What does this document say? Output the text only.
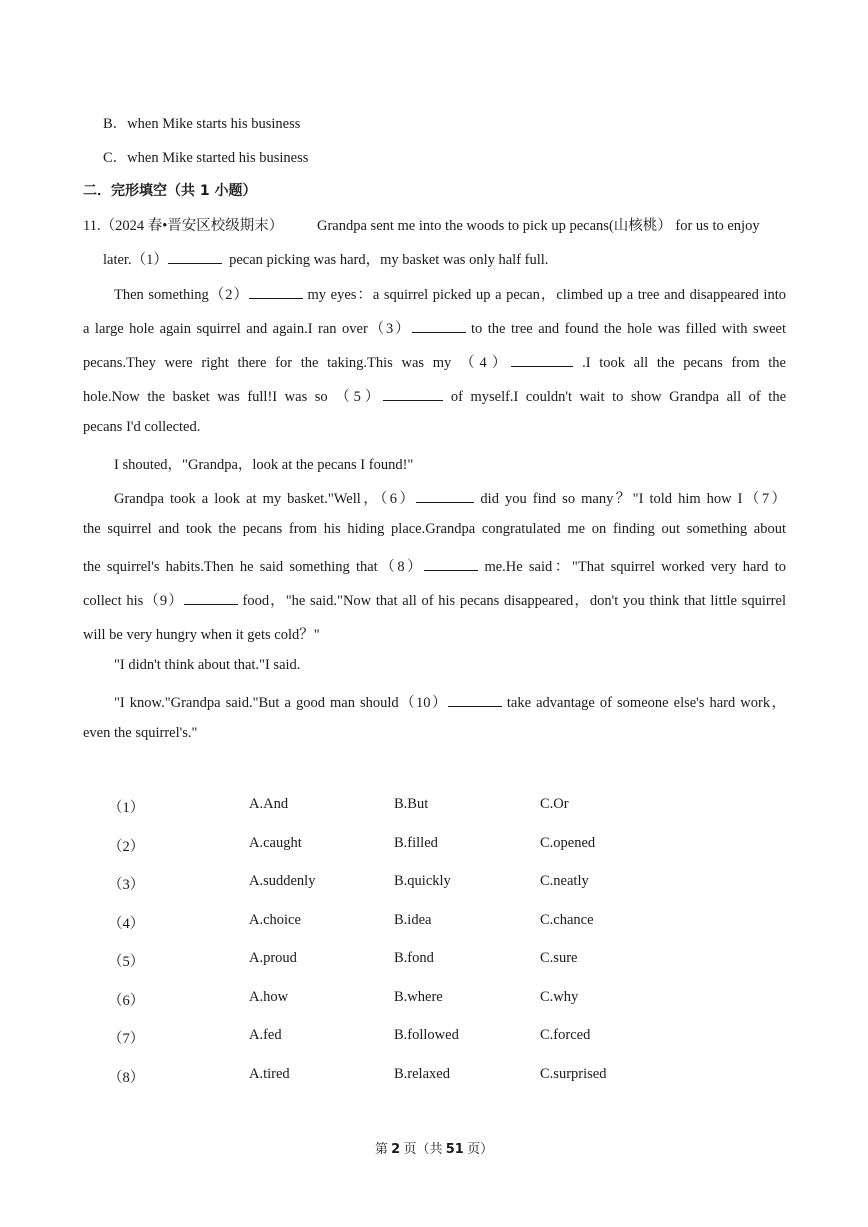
B．when Mike starts his business
C．when Mike started his business
二．完形填空（共 1 小题）
11.（2024 春•晋安区校级期末） Grandpa sent me into the woods to pick up pecans(山核桃） for us to enjoy
later.（1）	pecan picking was hard，my basket was only half full.
Then something（2）	my eyes：a squirrel picked up a pecan，climbed up a tree and disappeared into
a large hole again squirrel and again.I ran over（3）	to the tree and found the hole was filled with sweet
pecans.They were right there for the taking.This was my （4）	.I took all the pecans from the
hole.Now the basket was full!I was so （5）	of myself.I couldn't wait to show Grandpa all of the
pecans I'd collected.
I shouted，"Grandpa，look at the pecans I found!"
Grandpa took a look at my basket."Well，（6）	did you find so many？"I told him how I（7）
the squirrel and took the pecans from his hiding place.Grandpa congratulated me on finding out something about
the squirrel's habits.Then he said something that（8）	me.He said："That squirrel worked very hard to
collect his（9）	food，"he said."Now that all of his pecans disappeared，don't you think that little squirrel
will be very hungry when it gets cold？"
"I didn't think about that."I said.
"I know."Grandpa said."But a good man should（10）	take advantage of someone else's hard work，
even the squirrel's."
（1）	A.And	B.But	C.Or
（2）	A.caught	B.filled	C.opened
（3）	A.suddenly	B.quickly	C.neatly
（4）	A.choice	B.idea	C.chance
（5）	A.proud	B.fond	C.sure
（6）	A.how	B.where	C.why
（7）	A.fed	B.followed	C.forced
（8）	A.tired	B.relaxed	C.surprised
第 2 页（共 51 页）
